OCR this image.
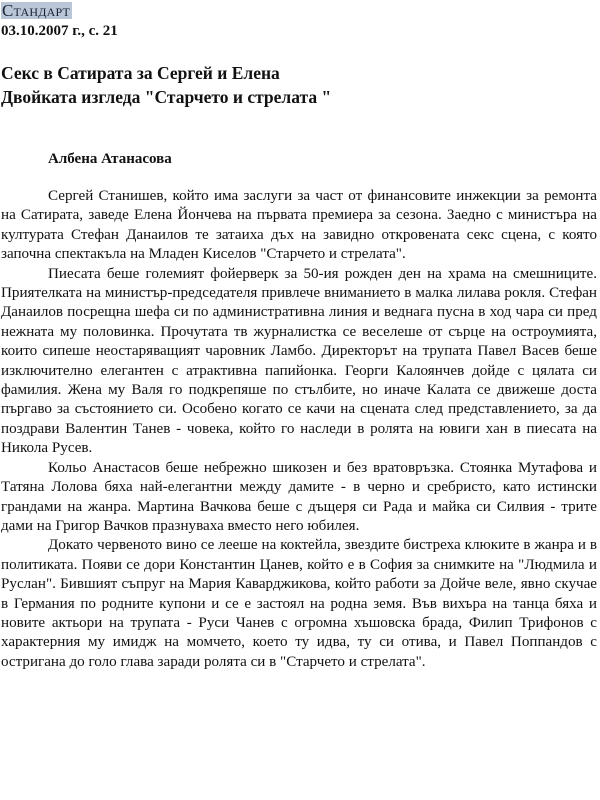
Стандарт
03.10.2007 г., с. 21
Секс в Сатирата за Сергей и Елена
Двойката изгледа "Старчето и стрелата "
Албена Атанасова

Сергей Станишев, който има заслуги за част от финансовите инжекции за ремонта на Сатирата, заведе Елена Йончева на първата премиера за сезона. Заедно с министъра на културата Стефан Данаилов те затаиха дъх на завидно откровената секс сцена, с която започна спектакъла на Младен Киселов "Старчето и стрелата".

Пиесата беше големият фойерверк за 50-ия рожден ден на храма на смешниците. Приятелката на министър-председателя привлече вниманието в малка лилава рокля. Стефан Данаилов посрещна шефа си по административна линия и веднага пусна в ход чара си пред нежната му половинка. Прочутата тв журналистка се веселеше от сърце на остроумията, които сипеше неостаряващият чаровник Ламбо. Директорът на трупата Павел Васев беше изключително елегантен с атрактивна папийонка. Георги Калоянчев дойде с цялата си фамилия. Жена му Валя го подкрепяше по стълбите, но иначе Калата се движеше доста пъргаво за състоянието си. Особено когато се качи на сцената след представлението, за да поздрави Валентин Танев - човека, който го наследи в ролята на ювиги хан в пиесата на Никола Русев.

Кольо Анастасов беше небрежно шикозен и без вратовръзка. Стоянка Мутафова и Татяна Лолова бяха най-елегантни между дамите - в черно и сребристо, като истински грандами на жанра. Мартина Вачкова беше с дъщеря си Рада и майка си Силвия - трите дами на Григор Вачков празнуваха вместо него юбилея.

Докато червеното вино се лееше на коктейла, звездите бистреха клюките в жанра и в политиката. Появи се дори Константин Цанев, който е в София за снимките на "Людмила и Руслан". Бившият съпруг на Мария Каварджикова, който работи за Дойче веле, явно скучае в Германия по родните купони и се е застоял на родна земя. Във вихъра на танца бяха и новите актьори на трупата - Руси Чанев с огромна хъшовска брада, Филип Трифонов с характерния му имидж на момчето, което ту идва, ту си отива, и Павел Поппандов с остригана до голо глава заради ролята си в "Старчето и стрелата".
